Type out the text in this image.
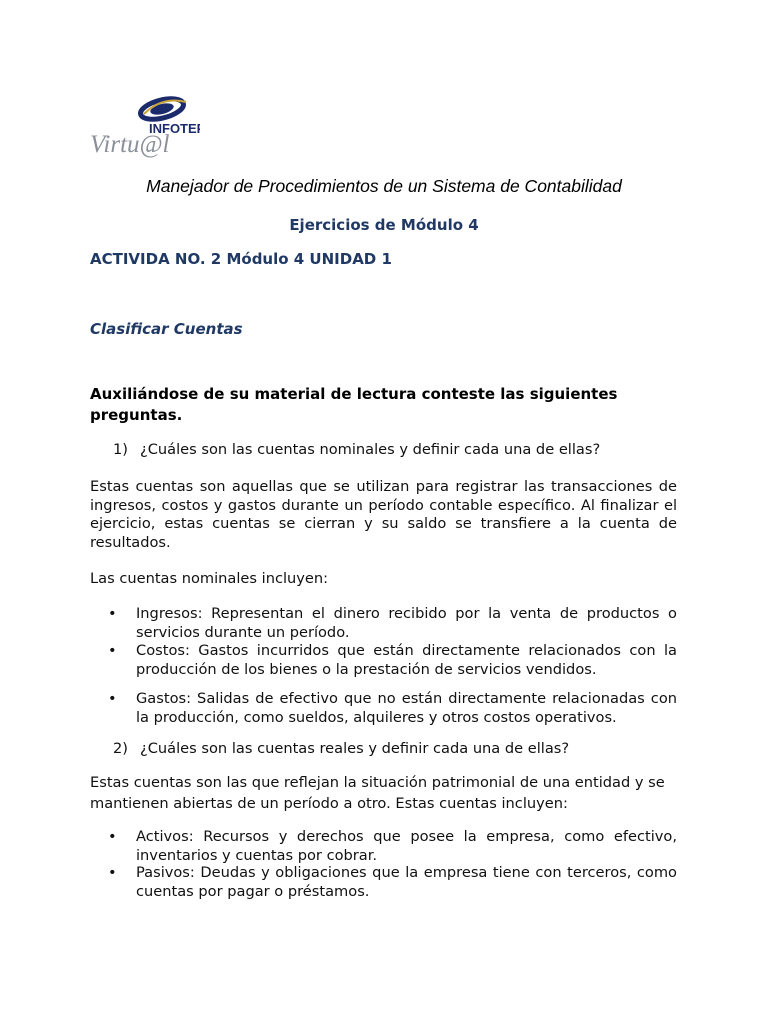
INFOTEP
Virtu@l
Manejador de Procedimientos de un Sistema de Contabilidad
Ejercicios de Módulo 4
ACTIVIDA NO. 2 Módulo 4 UNIDAD 1
Clasificar Cuentas
Auxiliándose de su material de lectura conteste las siguientes preguntas.
1) ¿Cuáles son las cuentas nominales y definir cada una de ellas?
Estas cuentas son aquellas que se utilizan para registrar las transacciones de ingresos, costos y gastos durante un período contable específico. Al finalizar el ejercicio, estas cuentas se cierran y su saldo se transfiere a la cuenta de resultados.
Las cuentas nominales incluyen:
•	Ingresos: Representan el dinero recibido por la venta de productos o servicios durante un período.
•	Costos: Gastos incurridos que están directamente relacionados con la producción de los bienes o la prestación de servicios vendidos.
•	Gastos: Salidas de efectivo que no están directamente relacionadas con la producción, como sueldos, alquileres y otros costos operativos.
2) ¿Cuáles son las cuentas reales y definir cada una de ellas?
Estas cuentas son las que reflejan la situación patrimonial de una entidad y se mantienen abiertas de un período a otro. Estas cuentas incluyen:
•	Activos: Recursos y derechos que posee la empresa, como efectivo, inventarios y cuentas por cobrar.
•	Pasivos: Deudas y obligaciones que la empresa tiene con terceros, como cuentas por pagar o préstamos.
